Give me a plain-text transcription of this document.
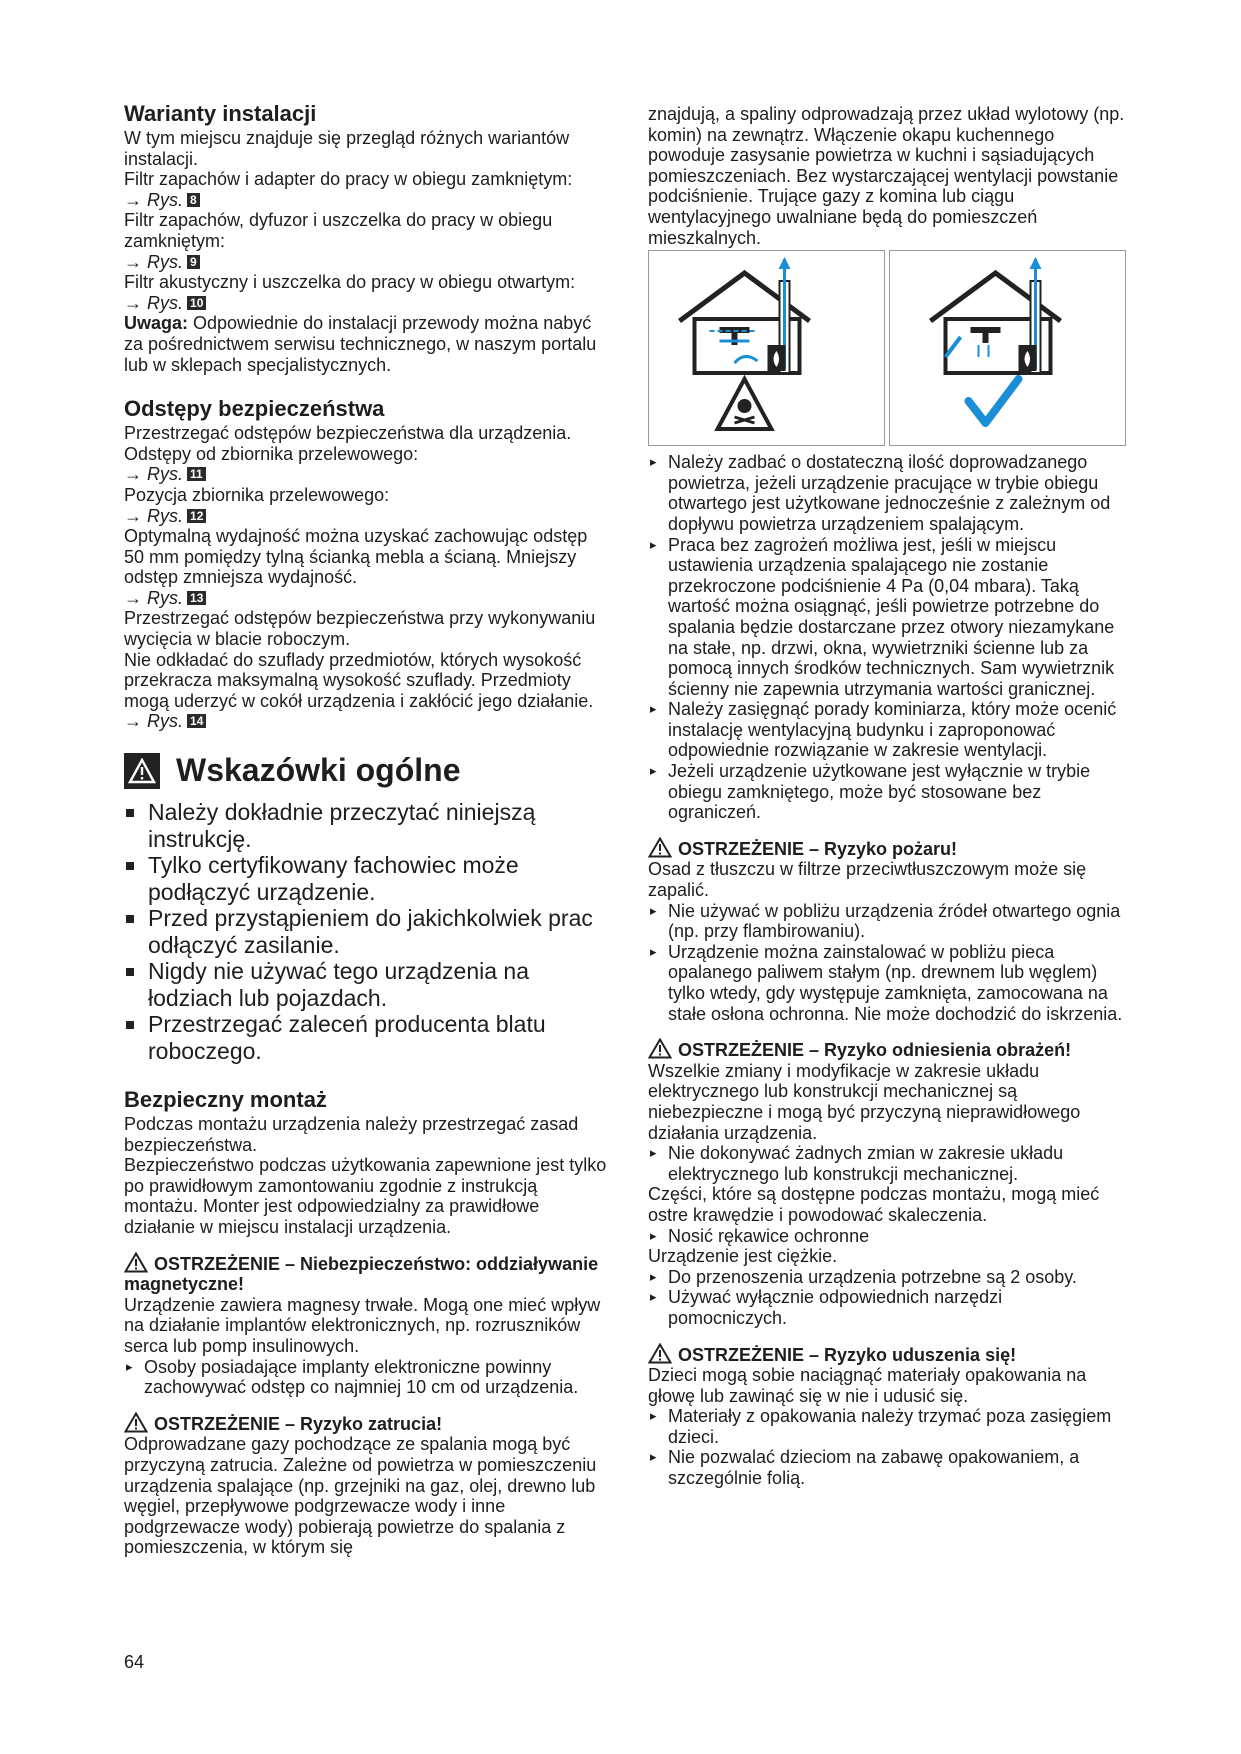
Warianty instalacji

W tym miejscu znajduje się przegląd różnych wariantów instalacji.

Filtr zapachów i adapter do pracy w obiegu zamkniętym:

→ Rys. 8

Filtr zapachów, dyfuzor i uszczelka do pracy w obiegu zamkniętym:

→ Rys. 9

Filtr akustyczny i uszczelka do pracy w obiegu otwartym:

→ Rys. 10

Uwaga: Odpowiednie do instalacji przewody można nabyć za pośrednictwem serwisu technicznego, w naszym portalu lub w sklepach specjalistycznych.

Odstępy bezpieczeństwa

Przestrzegać odstępów bezpieczeństwa dla urządzenia.

Odstępy od zbiornika przelewowego:

→ Rys. 11

Pozycja zbiornika przelewowego:

→ Rys. 12

Optymalną wydajność można uzyskać zachowując odstęp 50 mm pomiędzy tylną ścianką mebla a ścianą. Mniejszy odstęp zmniejsza wydajność.

→ Rys. 13

Przestrzegać odstępów bezpieczeństwa przy wykonywaniu wycięcia w blacie roboczym.

Nie odkładać do szuflady przedmiotów, których wysokość przekracza maksymalną wysokość szuflady. Przedmioty mogą uderzyć w cokół urządzenia i zakłócić jego działanie.

→ Rys. 14

Wskazówki ogólne
Należy dokładnie przeczytać niniejszą instrukcję.
Tylko certyfikowany fachowiec może podłączyć urządzenie.
Przed przystąpieniem do jakichkolwiek prac odłączyć zasilanie.
Nigdy nie używać tego urządzenia na łodziach lub pojazdach.
Przestrzegać zaleceń producenta blatu roboczego.
Bezpieczny montaż

Podczas montażu urządzenia należy przestrzegać zasad bezpieczeństwa.

Bezpieczeństwo podczas użytkowania zapewnione jest tylko po prawidłowym zamontowaniu zgodnie z instrukcją montażu. Monter jest odpowiedzialny za prawidłowe działanie w miejscu instalacji urządzenia.

OSTRZEŻENIE – Niebezpieczeństwo: oddziaływanie magnetyczne!

Urządzenie zawiera magnesy trwałe. Mogą one mieć wpływ na działanie implantów elektronicznych, np. rozruszników serca lub pomp insulinowych.

▸ Osoby posiadające implanty elektroniczne powinny zachowywać odstęp co najmniej 10 cm od urządzenia.
OSTRZEŻENIE – Ryzyko zatrucia!

Odprowadzane gazy pochodzące ze spalania mogą być przyczyną zatrucia. Zależne od powietrza w pomieszczeniu urządzenia spalające (np. grzejniki na gaz, olej, drewno lub węgiel, przepływowe podgrzewacze wody i inne podgrzewacze wody) pobierają powietrze do spalania z pomieszczenia, w którym się

znajdują, a spaliny odprowadzają przez układ wylotowy (np. komin) na zewnątrz. Włączenie okapu kuchennego powoduje zasysanie powietrza w kuchni i sąsiadujących pomieszczeniach. Bez wystarczającej wentylacji powstanie podciśnienie. Trujące gazy z komina lub ciągu wentylacyjnego uwalniane będą do pomieszczeń mieszkalnych.

▸ Należy zadbać o dostateczną ilość doprowadzanego powietrza, jeżeli urządzenie pracujące w trybie obiegu otwartego jest użytkowane jednocześnie z zależnym od dopływu powietrza urządzeniem spalającym.
▸ Praca bez zagrożeń możliwa jest, jeśli w miejscu ustawienia urządzenia spalającego nie zostanie przekroczone podciśnienie 4 Pa (0,04 mbara). Taką wartość można osiągnąć, jeśli powietrze potrzebne do spalania będzie dostarczane przez otwory niezamykane na stałe, np. drzwi, okna, wywietrzniki ścienne lub za pomocą innych środków technicznych. Sam wywietrznik ścienny nie zapewnia utrzymania wartości granicznej.
▸ Należy zasięgnąć porady kominiarza, który może ocenić instalację wentylacyjną budynku i zaproponować odpowiednie rozwiązanie w zakresie wentylacji.
▸ Jeżeli urządzenie użytkowane jest wyłącznie w trybie obiegu zamkniętego, może być stosowane bez ograniczeń.
OSTRZEŻENIE – Ryzyko pożaru!

Osad z tłuszczu w filtrze przeciwtłuszczowym może się zapalić.

▸ Nie używać w pobliżu urządzenia źródeł otwartego ognia (np. przy flambirowaniu).
▸ Urządzenie można zainstalować w pobliżu pieca opalanego paliwem stałym (np. drewnem lub węglem) tylko wtedy, gdy występuje zamknięta, zamocowana na stałe osłona ochronna. Nie może dochodzić do iskrzenia.
OSTRZEŻENIE – Ryzyko odniesienia obrażeń!

Wszelkie zmiany i modyfikacje w zakresie układu elektrycznego lub konstrukcji mechanicznej są niebezpieczne i mogą być przyczyną nieprawidłowego działania urządzenia.

▸ Nie dokonywać żadnych zmian w zakresie układu elektrycznego lub konstrukcji mechanicznej.

Części, które są dostępne podczas montażu, mogą mieć ostre krawędzie i powodować skaleczenia.

▸ Nosić rękawice ochronne

Urządzenie jest ciężkie.

▸ Do przenoszenia urządzenia potrzebne są 2 osoby.
▸ Używać wyłącznie odpowiednich narzędzi pomocniczych.
OSTRZEŻENIE – Ryzyko uduszenia się!

Dzieci mogą sobie naciągnąć materiały opakowania na głowę lub zawinąć się w nie i udusić się.

▸ Materiały z opakowania należy trzymać poza zasięgiem dzieci.
▸ Nie pozwalać dzieciom na zabawę opakowaniem, a szczególnie folią.
64
